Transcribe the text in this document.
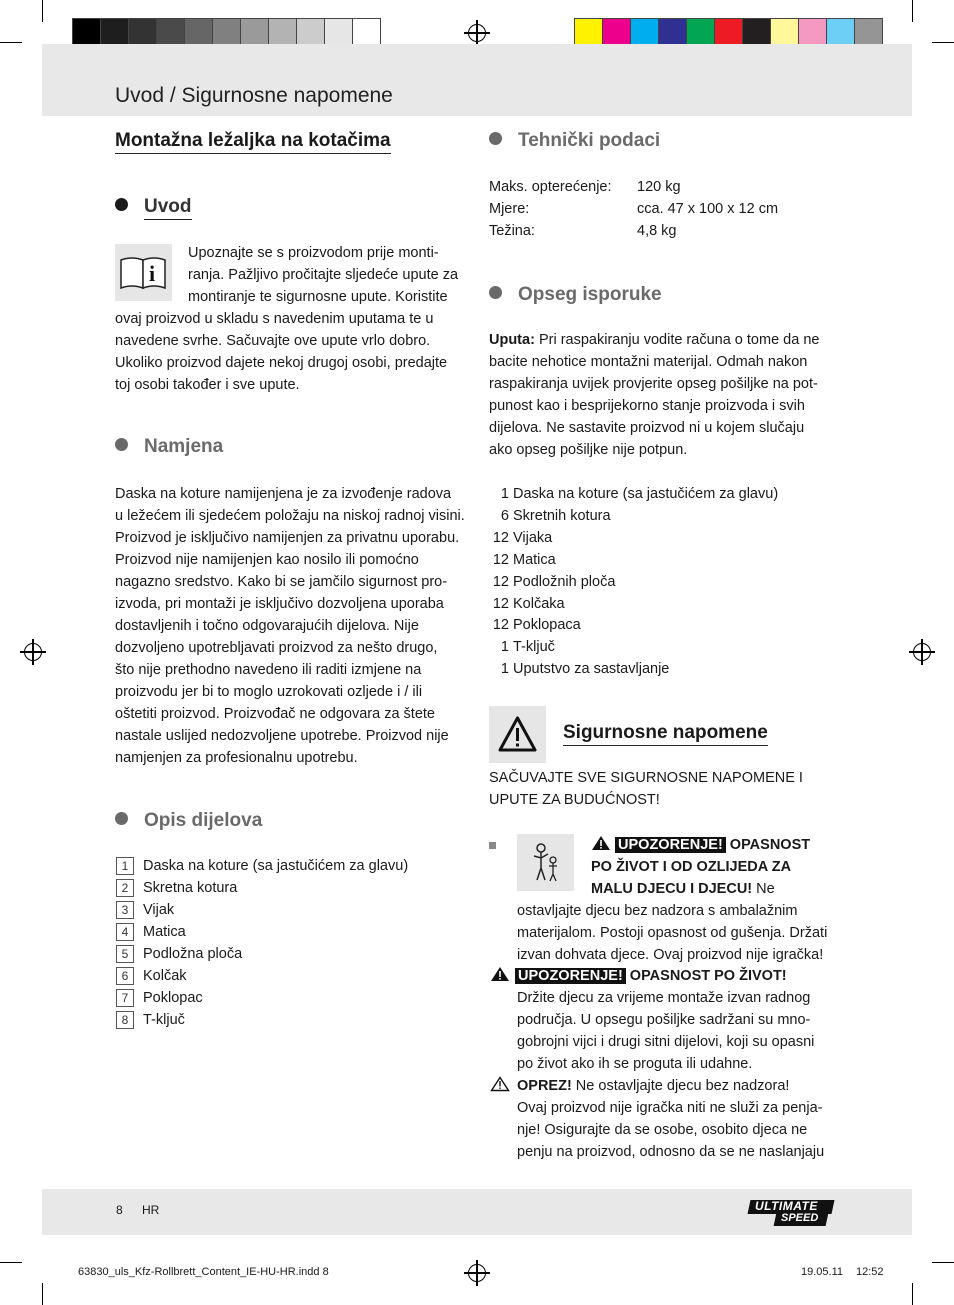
Uvod / Sigurnosne napomene
Montažna ležaljka na kotačima
Uvod
i

Upoznajte se s proizvodom prije monti-

ranja. Pažljivo pročitajte sljedeće upute za

montiranje te sigurnosne upute. Koristite

ovaj proizvod u skladu s navedenim uputama te u

navedene svrhe. Sačuvajte ove upute vrlo dobro.

Ukoliko proizvod dajete nekoj drugoj osobi, predajte

toj osobi također i sve upute.

Namjena

Daska na koture namijenjena je za izvođenje radova

u ležećem ili sjedećem položaju na niskoj radnoj visini.

Proizvod je isključivo namijenjen za privatnu uporabu.

Proizvod nije namijenjen kao nosilo ili pomoćno

nagazno sredstvo. Kako bi se jamčilo sigurnost pro-

izvoda, pri montaži je isključivo dozvoljena uporaba

dostavljenih i točno odgovarajućih dijelova. Nije

dozvoljeno upotrebljavati proizvod za nešto drugo,

što nije prethodno navedeno ili raditi izmjene na

proizvodu jer bi to moglo uzrokovati ozljede i / ili

oštetiti proizvod. Proizvođač ne odgovara za štete

nastale uslijed nedozvoljene upotrebe. Proizvod nije

namjenjen za profesionalnu upotrebu.

Opis dijelova
1	Daska na koture (sa jastučićem za glavu)
2	Skretna kotura
3	Vijak
4	Matica
5	Podložna ploča
6	Kolčak
7	Poklopac
8	T-ključ
Tehnički podaci
Maks. opterećenje: 120 kg
Mjere:	cca. 47 x 100 x 12 cm
Težina:	4,8 kg
Opseg isporuke

Uputa: Pri raspakiranju vodite računa o tome da ne

bacite nehotice montažni materijal. Odmah nakon

raspakiranja uvijek provjerite opseg pošiljke na pot-

punost kao i besprijekorno stanje proizvoda i svih

dijelova. Ne sastavite proizvod ni u kojem slučaju

ako opseg pošiljke nije potpun.

1 Daska na koture (sa jastučićem za glavu)
6 Skretnih kotura
12 Vijaka
12 Matica
12 Podložnih ploča
12 Kolčaka
12 Poklopaca
1 T-ključ
1 Uputstvo za sastavljanje
Sigurnosne napomene

SAČUVAJTE SVE SIGURNOSNE NAPOMENE I

UPUTE ZA BUDUĆNOST!

UPOZORENJE! OPASNOST

PO ŽIVOT I OD OZLIJEDA ZA

MALU DJECU I DJECU! Ne

ostavljajte djecu bez nadzora s ambalažnim

materijalom. Postoji opasnost od gušenja. Držati

izvan dohvata djece. Ovaj proizvod nije igračka!

UPOZORENJE! OPASNOST PO ŽIVOT!

Držite djecu za vrijeme montaže izvan radnog

područja. U opsegu pošiljke sadržani su mno-

gobrojni vijci i drugi sitni dijelovi, koji su opasni

po život ako ih se proguta ili udahne.

OPREZ! Ne ostavljajte djecu bez nadzora!

Ovaj proizvod nije igračka niti ne služi za penja-

nje! Osigurajte da se osobe, osobito djeca ne

penju na proizvod, odnosno da se ne naslanjaju

8 HR	ULTIMATE
SPEED
63830_uls_Kfz-Rollbrett_Content_IE-HU-HR.indd 8	19.05.11 12:52
